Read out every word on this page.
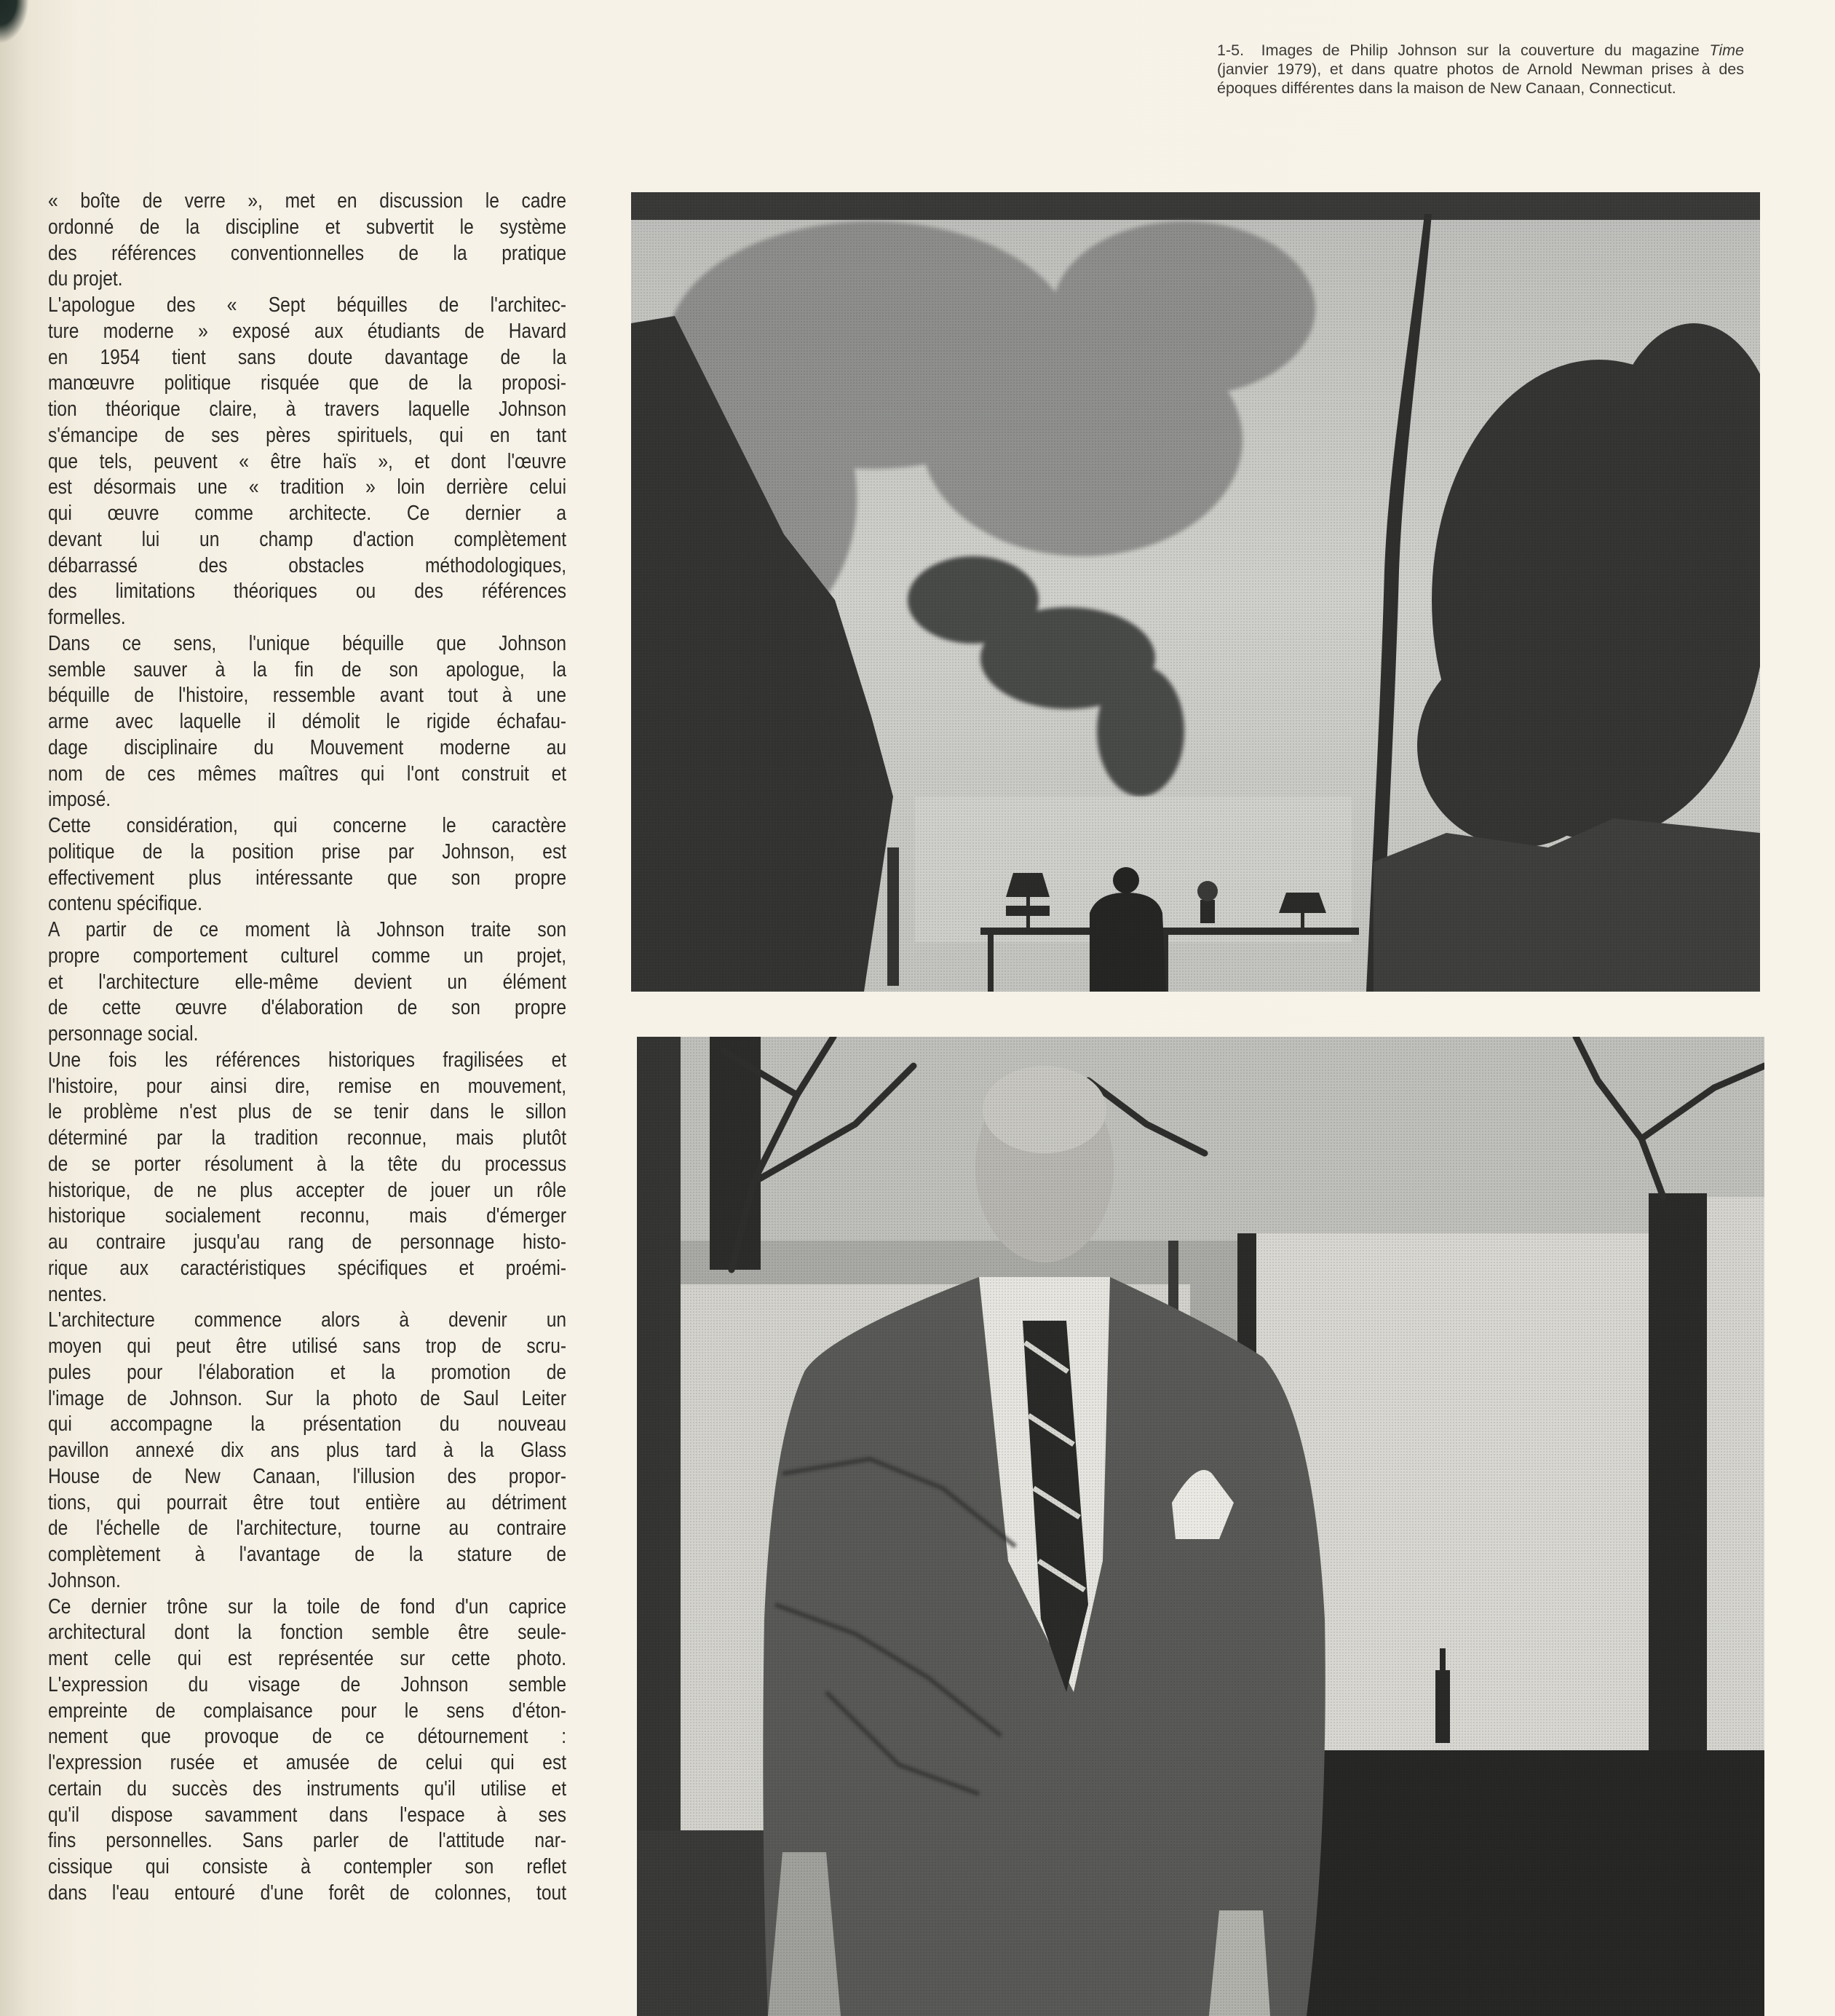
1-5. Images de Philip Johnson sur la couverture du magazine Time (janvier 1979), et dans quatre photos de Arnold Newman prises à des époques différentes dans la maison de New Canaan, Connecticut.
« boîte de verre », met en discussion le cadre
ordonné de la discipline et subvertit le système
des références conventionnelles de la pratique
du projet.
L'apologue des « Sept béquilles de l'architec-
ture moderne » exposé aux étudiants de Havard
en 1954 tient sans doute davantage de la
manœuvre politique risquée que de la proposi-
tion théorique claire, à travers laquelle Johnson
s'émancipe de ses pères spirituels, qui en tant
que tels, peuvent « être haïs », et dont l'œuvre
est désormais une « tradition » loin derrière celui
qui œuvre comme architecte. Ce dernier a
devant lui un champ d'action complètement
débarrassé des obstacles méthodologiques,
des limitations théoriques ou des références
formelles.
Dans ce sens, l'unique béquille que Johnson
semble sauver à la fin de son apologue, la
béquille de l'histoire, ressemble avant tout à une
arme avec laquelle il démolit le rigide échafau-
dage disciplinaire du Mouvement moderne au
nom de ces mêmes maîtres qui l'ont construit et
imposé.
Cette considération, qui concerne le caractère
politique de la position prise par Johnson, est
effectivement plus intéressante que son propre
contenu spécifique.
A partir de ce moment là Johnson traite son
propre comportement culturel comme un projet,
et l'architecture elle-même devient un élément
de cette œuvre d'élaboration de son propre
personnage social.
Une fois les références historiques fragilisées et
l'histoire, pour ainsi dire, remise en mouvement,
le problème n'est plus de se tenir dans le sillon
déterminé par la tradition reconnue, mais plutôt
de se porter résolument à la tête du processus
historique, de ne plus accepter de jouer un rôle
historique socialement reconnu, mais d'émerger
au contraire jusqu'au rang de personnage histo-
rique aux caractéristiques spécifiques et proémi-
nentes.
L'architecture commence alors à devenir un
moyen qui peut être utilisé sans trop de scru-
pules pour l'élaboration et la promotion de
l'image de Johnson. Sur la photo de Saul Leiter
qui accompagne la présentation du nouveau
pavillon annexé dix ans plus tard à la Glass
House de New Canaan, l'illusion des propor-
tions, qui pourrait être tout entière au détriment
de l'échelle de l'architecture, tourne au contraire
complètement à l'avantage de la stature de
Johnson.
Ce dernier trône sur la toile de fond d'un caprice
architectural dont la fonction semble être seule-
ment celle qui est représentée sur cette photo.
L'expression du visage de Johnson semble
empreinte de complaisance pour le sens d'éton-
nement que provoque de ce détournement :
l'expression rusée et amusée de celui qui est
certain du succès des instruments qu'il utilise et
qu'il dispose savamment dans l'espace à ses
fins personnelles. Sans parler de l'attitude nar-
cissique qui consiste à contempler son reflet
dans l'eau entouré d'une forêt de colonnes, tout
